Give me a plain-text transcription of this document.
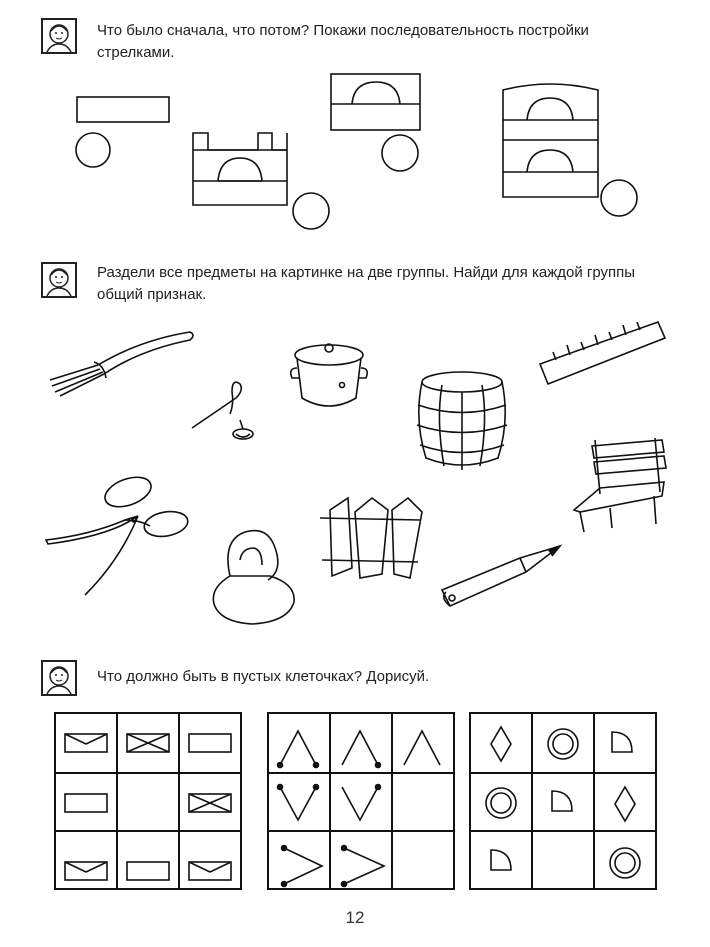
Что было сначала, что потом? Покажи последовательность постройки стрелками.
Раздели все предметы на картинке на две группы. Найди для каждой группы общий признак.
Что должно быть в пустых клеточках? Дорисуй.
12
